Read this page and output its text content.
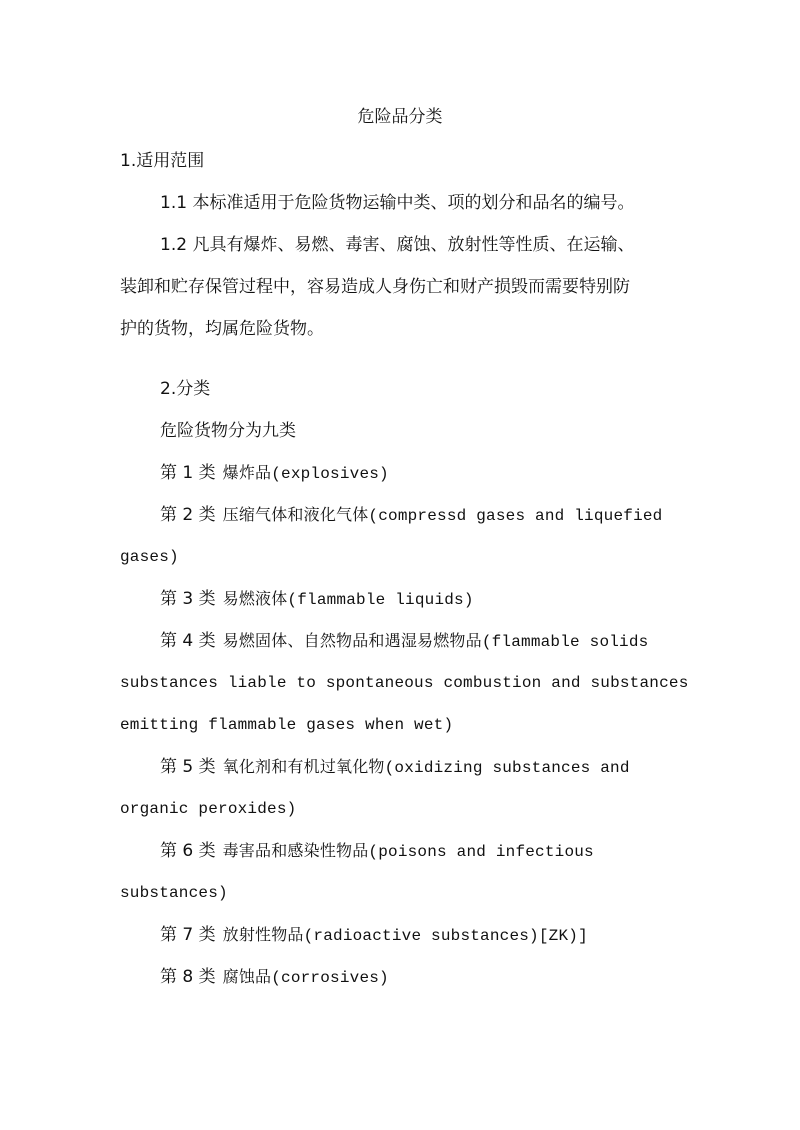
危险品分类
1.适用范围
1.1 本标准适用于危险货物运输中类、项的划分和品名的编号。
1.2 凡具有爆炸、易燃、毒害、腐蚀、放射性等性质、在运输、
装卸和贮存保管过程中，容易造成人身伤亡和财产损毁而需要特别防
护的货物，均属危险货物。
2.分类
危险货物分为九类
第 1 类 爆炸品(explosives)
第 2 类 压缩气体和液化气体(compressd gases and liquefied
gases)
第 3 类 易燃液体(flammable liquids)
第 4 类 易燃固体、自然物品和遇湿易燃物品(flammable solids
substances liable to spontaneous combustion and substances
emitting flammable gases when wet)
第 5 类 氧化剂和有机过氧化物(oxidizing substances and
organic peroxides)
第 6 类 毒害品和感染性物品(poisons and infectious
substances)
第 7 类 放射性物品(radioactive substances)[ZK)]
第 8 类 腐蚀品(corrosives)
